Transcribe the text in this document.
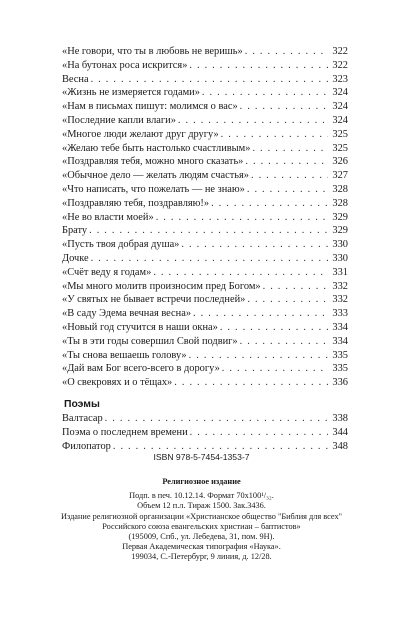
«Не говори, что ты в любовь не веришь» . . .	322
«На бутонах роса искрится» . . .	322
Весна . . .	323
«Жизнь не измеряется годами» . . .	324
«Нам в письмах пишут: молимся о вас» . . .	324
«Последние капли влаги» . . .	324
«Многое люди желают друг другу» . . .	325
«Желаю тебе быть настолько счастливым» . . .	325
«Поздравляя тебя, можно много сказать» . . .	326
«Обычное дело — желать людям счастья» . . .	327
«Что написать, что пожелать — не знаю» . . .	328
«Поздравляю тебя, поздравляю!» . . .	328
«Не во власти моей» . . .	329
Брату . . .	329
«Пусть твоя добрая душа» . . .	330
Дочке . . .	330
«Счёт веду я годам» . . .	331
«Мы много молитв произносим пред Богом» . . .	332
«У святых не бывает встречи последней» . . .	332
«В саду Эдема вечная весна» . . .	333
«Новый год стучится в наши окна» . . .	334
«Ты в эти годы совершил Свой подвиг» . . .	334
«Ты снова вешаешь голову» . . .	335
«Дай вам Бог всего-всего в дорогу» . . .	335
«О свекровях и о тёщах» . . .	336
Поэмы
Валтасар . . .	338
Поэма о последнем времени . . .	344
Филопатор . . .	348
ISBN 978-5-7454-1353-7
Религиозное издание
Подп. в печ. 10.12.14. Формат 70x100¹/₃₂.
Объем 12 п.л. Тираж 1500. Зак.3436.
Издание религиозной организации «Христианское общество "Библия для всех"
Российского союза евангельских христиан – баптистов»
(195009, Спб., ул. Лебедева, 31, пом. 9Н).
Первая Академическая типография «Наука».
199034, С.-Петербург, 9 линия, д. 12/28.
